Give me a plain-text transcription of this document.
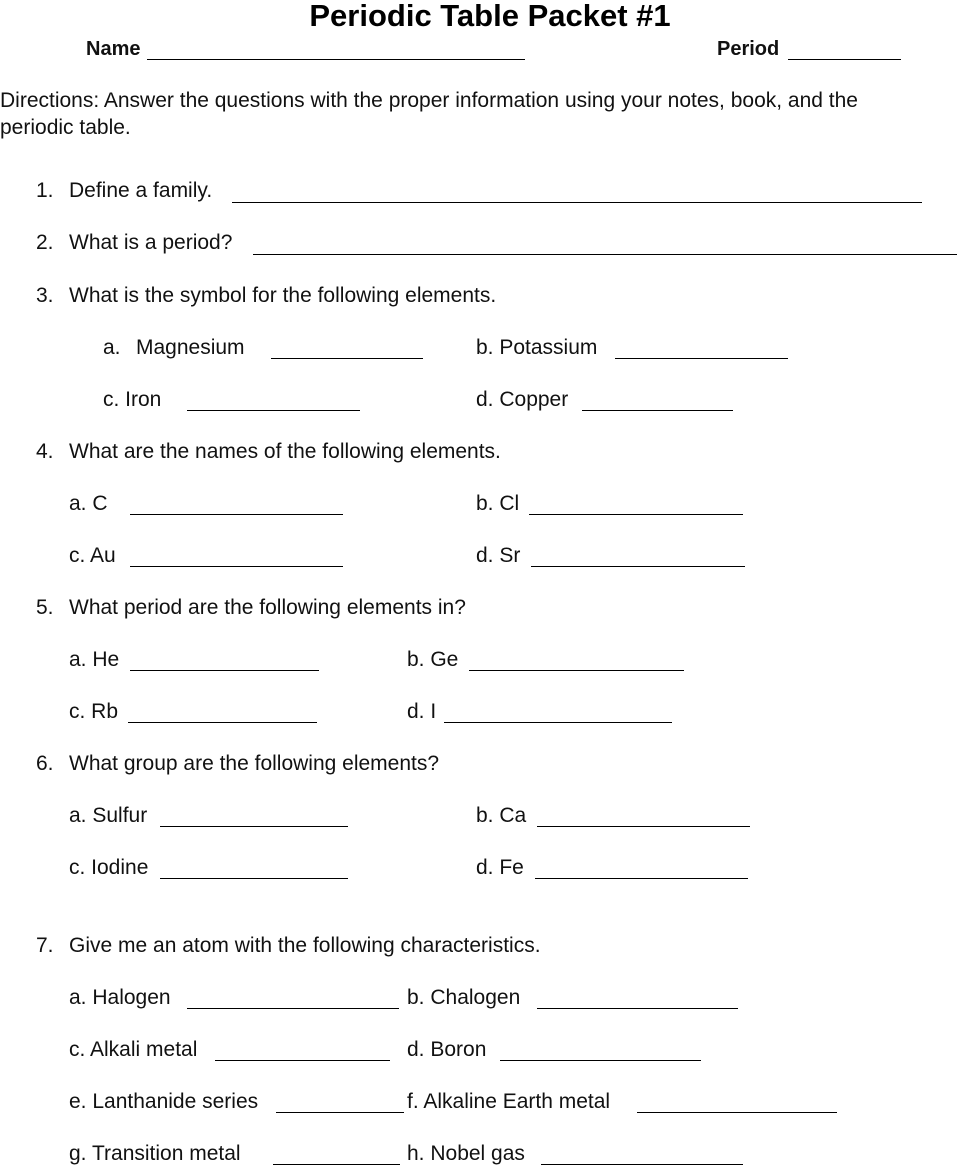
Periodic Table Packet #1
Name	Period
Directions: Answer the questions with the proper information using your notes, book, and the
periodic table.
1. Define a family.
2. What is a period?
3. What is the symbol for the following elements.
a. Magnesium	b. Potassium
c. Iron	d. Copper
4. What are the names of the following elements.
a. C	b. Cl
c. Au	d. Sr
5. What period are the following elements in?
a. He	b. Ge
c. Rb	d. I
6. What group are the following elements?
a. Sulfur	b. Ca
c. Iodine	d. Fe
7. Give me an atom with the following characteristics.
a. Halogen	b. Chalogen
c. Alkali metal	d. Boron
e. Lanthanide series	f. Alkaline Earth metal
g. Transition metal	h. Nobel gas
